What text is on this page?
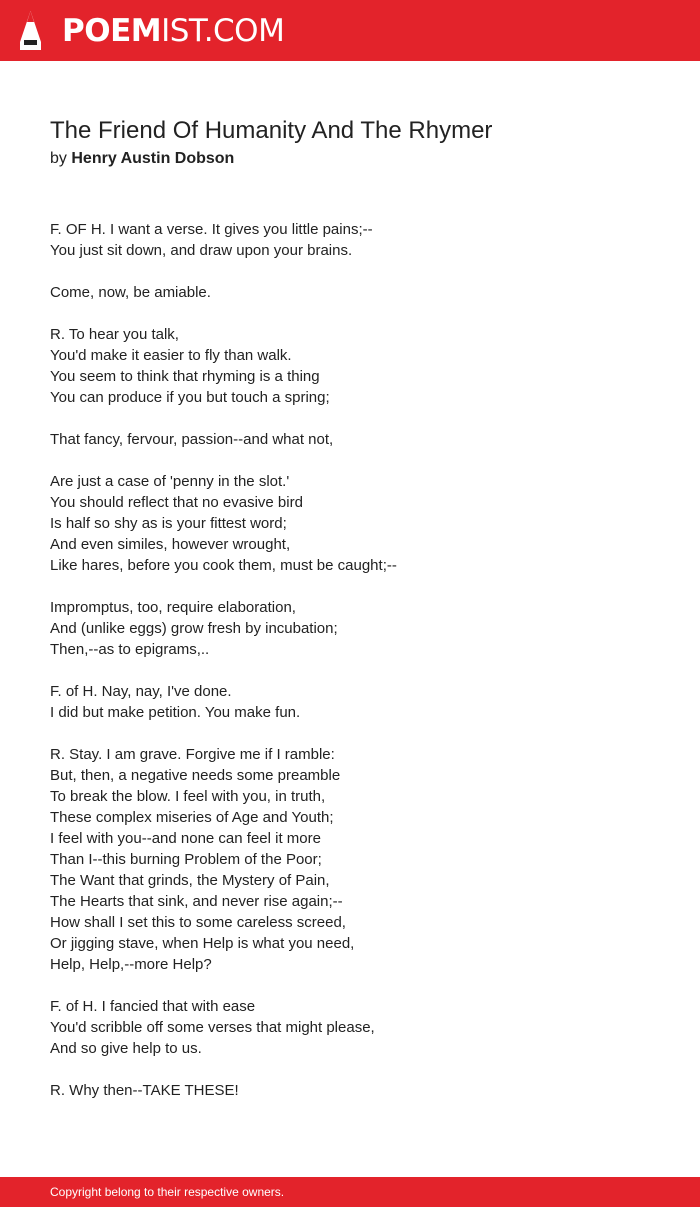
POEMIST.COM
The Friend Of Humanity And The Rhymer
by Henry Austin Dobson
F. OF H. I want a verse. It gives you little pains;--
You just sit down, and draw upon your brains.
Come, now, be amiable.
R. To hear you talk,
You'd make it easier to fly than walk.
You seem to think that rhyming is a thing
You can produce if you but touch a spring;
That fancy, fervour, passion--and what not,
Are just a case of 'penny in the slot.'
You should reflect that no evasive bird
Is half so shy as is your fittest word;
And even similes, however wrought,
Like hares, before you cook them, must be caught;--
Impromptus, too, require elaboration,
And (unlike eggs) grow fresh by incubation;
Then,--as to epigrams,..
F. of H. Nay, nay, I've done.
I did but make petition. You make fun.
R. Stay. I am grave. Forgive me if I ramble:
But, then, a negative needs some preamble
To break the blow. I feel with you, in truth,
These complex miseries of Age and Youth;
I feel with you--and none can feel it more
Than I--this burning Problem of the Poor;
The Want that grinds, the Mystery of Pain,
The Hearts that sink, and never rise again;--
How shall I set this to some careless screed,
Or jigging stave, when Help is what you need,
Help, Help,--more Help?
F. of H. I fancied that with ease
You'd scribble off some verses that might please,
And so give help to us.
R. Why then--TAKE THESE!
Copyright belong to their respective owners.
